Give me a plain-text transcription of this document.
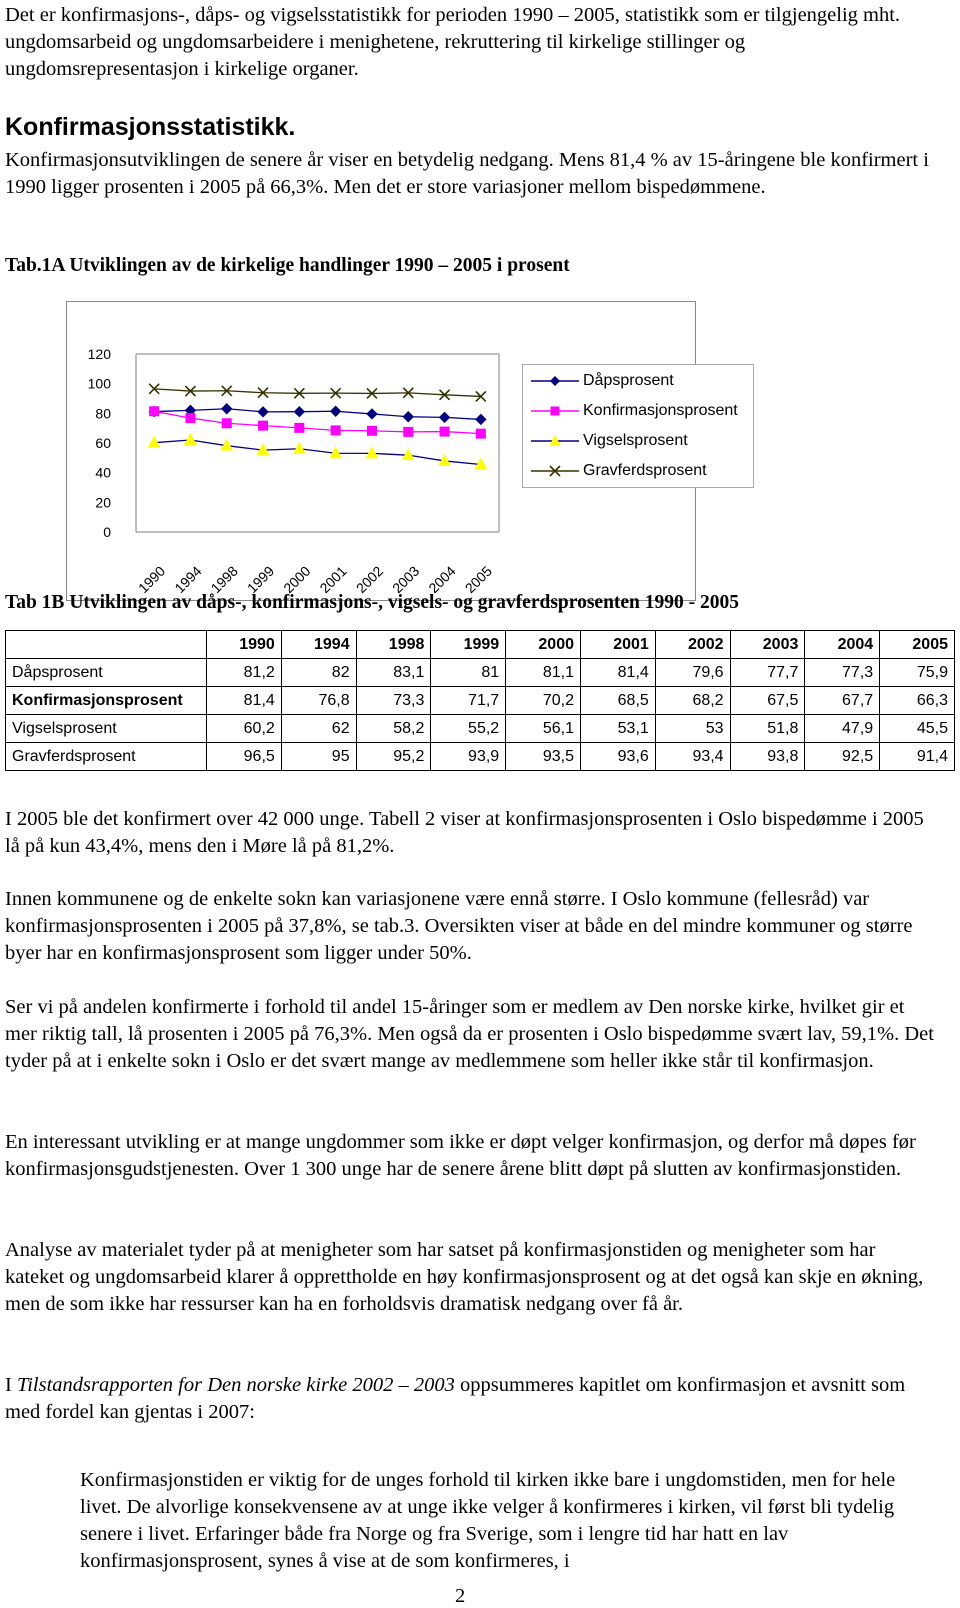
Det er konfirmasjons-, dåps- og vigselsstatistikk for perioden 1990 – 2005, statistikk som er tilgjengelig mht. ungdomsarbeid og ungdomsarbeidere i menighetene, rekruttering til kirkelige stillinger og ungdomsrepresentasjon i kirkelige organer.

Konfirmasjonsstatistikk.

Konfirmasjonsutviklingen de senere år viser en betydelig nedgang. Mens 81,4 % av 15-åringene ble konfirmert i 1990 ligger prosenten i 2005 på 66,3%. Men det er store variasjoner mellom bispedømmene.

Tab.1A Utviklingen av de kirkelige handlinger 1990 – 2005 i prosent

0
20
40
60
80
100
120
1990 1994 1998 1999 2000 2001 2002 2003 2004 2005
Dåpsprosent
Konfirmasjonsprosent
Vigselsprosent
Gravferdsprosent

Tab 1B Utviklingen av dåps-, konfirmasjons-, vigsels- og gravferdsprosenten 1990 - 2005

	1990	1994	1998	1999	2000	2001	2002	2003	2004	2005
Dåpsprosent	81,2	82	83,1	81	81,1	81,4	79,6	77,7	77,3	75,9
Konfirmasjonsprosent	81,4	76,8	73,3	71,7	70,2	68,5	68,2	67,5	67,7	66,3
Vigselsprosent	60,2	62	58,2	55,2	56,1	53,1	53	51,8	47,9	45,5
Gravferdsprosent	96,5	95	95,2	93,9	93,5	93,6	93,4	93,8	92,5	91,4

I 2005 ble det konfirmert over 42 000 unge. Tabell 2 viser at konfirmasjonsprosenten i Oslo bispedømme i 2005 lå på kun 43,4%, mens den i Møre lå på 81,2%.

Innen kommunene og de enkelte sokn kan variasjonene være ennå større. I Oslo kommune (fellesråd) var konfirmasjonsprosenten i 2005 på 37,8%, se tab.3. Oversikten viser at både en del mindre kommuner og større byer har en konfirmasjonsprosent som ligger under 50%.

Ser vi på andelen konfirmerte i forhold til andel 15-åringer som er medlem av Den norske kirke, hvilket gir et mer riktig tall, lå prosenten i 2005 på 76,3%. Men også da er prosenten i Oslo bispedømme svært lav, 59,1%. Det tyder på at i enkelte sokn i Oslo er det svært mange av medlemmene som heller ikke står til konfirmasjon.

En interessant utvikling er at mange ungdommer som ikke er døpt velger konfirmasjon, og derfor må døpes før konfirmasjonsgudstjenesten. Over 1 300 unge har de senere årene blitt døpt på slutten av konfirmasjonstiden.

Analyse av materialet tyder på at menigheter som har satset på konfirmasjonstiden og menigheter som har kateket og ungdomsarbeid klarer å opprettholde en høy konfirmasjonsprosent og at det også kan skje en økning, men de som ikke har ressurser kan ha en forholdsvis dramatisk nedgang over få år.

I Tilstandsrapporten for Den norske kirke 2002 – 2003 oppsummeres kapitlet om konfirmasjon et avsnitt som med fordel kan gjentas i 2007:

Konfirmasjonstiden er viktig for de unges forhold til kirken ikke bare i ungdomstiden, men for hele livet. De alvorlige konsekvensene av at unge ikke velger å konfirmeres i kirken, vil først bli tydelig senere i livet. Erfaringer både fra Norge og fra Sverige, som i lengre tid har hatt en lav konfirmasjonsprosent, synes å vise at de som konfirmeres, i

2
